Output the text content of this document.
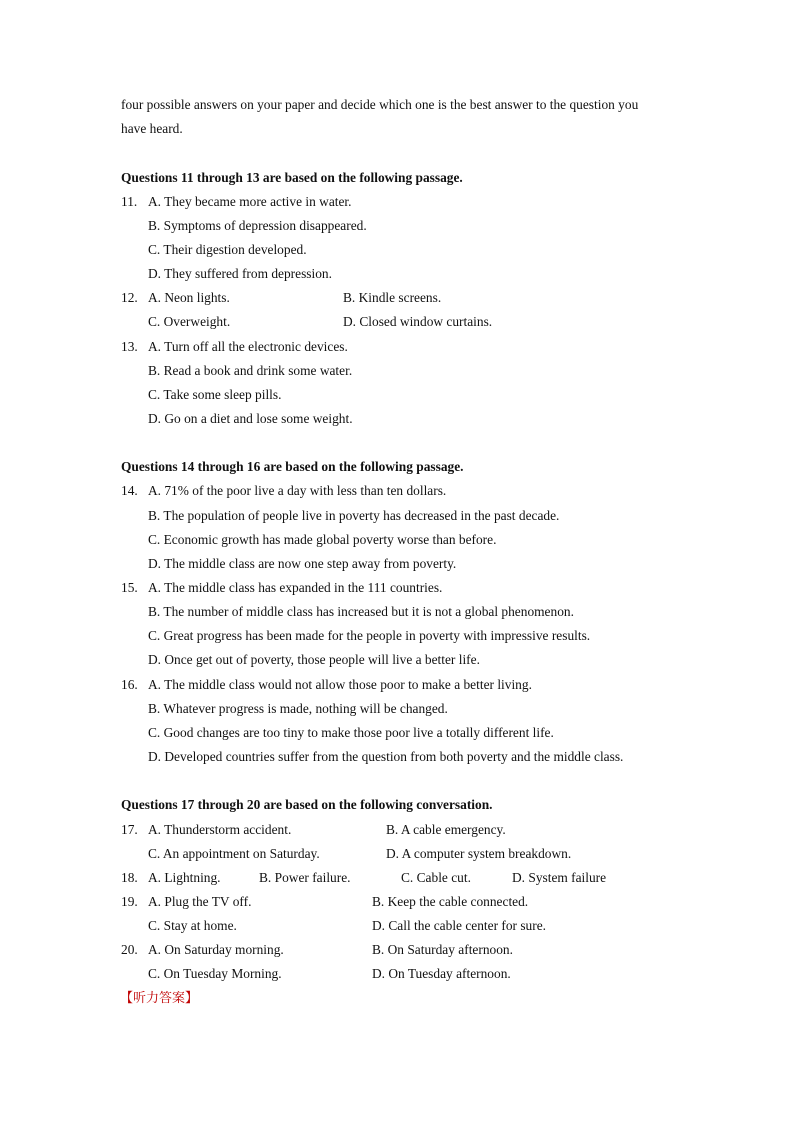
four possible answers on your paper and decide which one is the best answer to the question you
have heard.
Questions 11 through 13 are based on the following passage.
11. A. They became more active in water.
B. Symptoms of depression disappeared.
C. Their digestion developed.
D. They suffered from depression.
12. A. Neon lights.	B. Kindle screens.
C. Overweight.	D. Closed window curtains.
13. A. Turn off all the electronic devices.
B. Read a book and drink some water.
C. Take some sleep pills.
D. Go on a diet and lose some weight.
Questions 14 through 16 are based on the following passage.
14. A. 71% of the poor live a day with less than ten dollars.
B. The population of people live in poverty has decreased in the past decade.
C. Economic growth has made global poverty worse than before.
D. The middle class are now one step away from poverty.
15. A. The middle class has expanded in the 111 countries.
B. The number of middle class has increased but it is not a global phenomenon.
C. Great progress has been made for the people in poverty with impressive results.
D. Once get out of poverty, those people will live a better life.
16. A. The middle class would not allow those poor to make a better living.
B. Whatever progress is made, nothing will be changed.
C. Good changes are too tiny to make those poor live a totally different life.
D. Developed countries suffer from the question from both poverty and the middle class.
Questions 17 through 20 are based on the following conversation.
17. A. Thunderstorm accident.	B. A cable emergency.
C. An appointment on Saturday.	D. A computer system breakdown.
18. A. Lightning.	B. Power failure.	C. Cable cut.	D. System failure
19. A. Plug the TV off.	B. Keep the cable connected.
C. Stay at home.	D. Call the cable center for sure.
20. A. On Saturday morning.	B. On Saturday afternoon.
C. On Tuesday Morning.	D. On Tuesday afternoon.
【听力答案】
